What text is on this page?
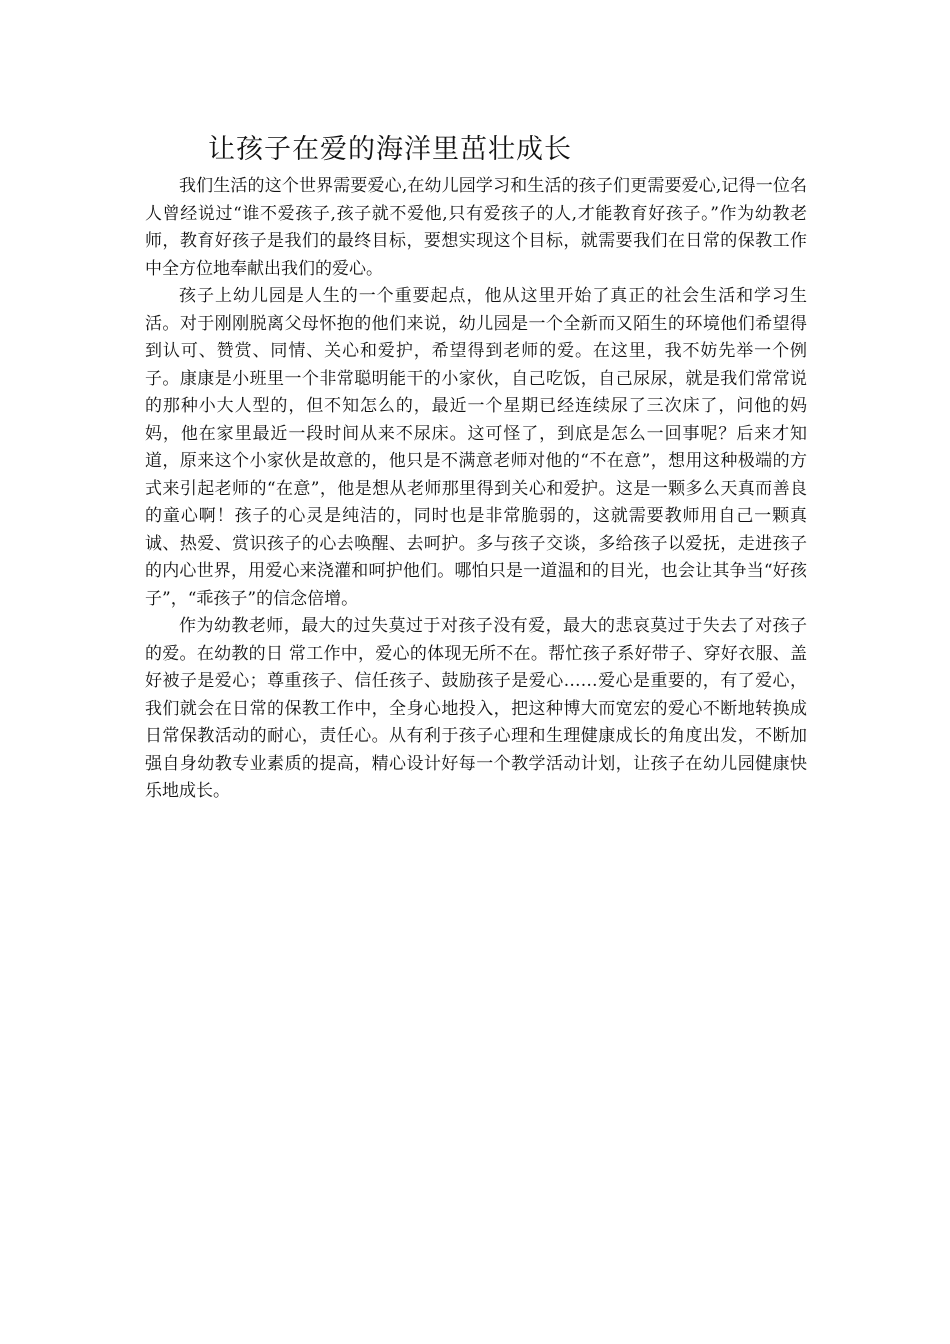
让孩子在爱的海洋里茁壮成长

我们生活的这个世界需要爱心,在幼儿园学习和生活的孩子们更需要爱心,记得一位名人曾经说过“谁不爱孩子,孩子就不爱他,只有爱孩子的人,才能教育好孩子。”作为幼教老师，教育好孩子是我们的最终目标，要想实现这个目标，就需要我们在日常的保教工作中全方位地奉献出我们的爱心。

孩子上幼儿园是人生的一个重要起点，他从这里开始了真正的社会生活和学习生活。对于刚刚脱离父母怀抱的他们来说，幼儿园是一个全新而又陌生的环境他们希望得到认可、赞赏、同情、关心和爱护，希望得到老师的爱。在这里，我不妨先举一个例子。康康是小班里一个非常聪明能干的小家伙，自己吃饭，自己尿尿，就是我们常常说的那种小大人型的，但不知怎么的，最近一个星期已经连续尿了三次床了，问他的妈妈，他在家里最近一段时间从来不尿床。这可怪了，到底是怎么一回事呢？后来才知道，原来这个小家伙是故意的，他只是不满意老师对他的“不在意”，想用这种极端的方式来引起老师的“在意”，他是想从老师那里得到关心和爱护。这是一颗多么天真而善良的童心啊！孩子的心灵是纯洁的，同时也是非常脆弱的，这就需要教师用自己一颗真诚、热爱、赏识孩子的心去唤醒、去呵护。多与孩子交谈，多给孩子以爱抚，走进孩子的内心世界，用爱心来浇灌和呵护他们。哪怕只是一道温和的目光，也会让其争当“好孩子”，“乖孩子”的信念倍增。

作为幼教老师，最大的过失莫过于对孩子没有爱，最大的悲哀莫过于失去了对孩子的爱。在幼教的日 常工作中，爱心的体现无所不在。帮忙孩子系好带子、穿好衣服、盖好被子是爱心；尊重孩子、信任孩子、鼓励孩子是爱心……爱心是重要的，有了爱心，我们就会在日常的保教工作中，全身心地投入，把这种博大而宽宏的爱心不断地转换成日常保教活动的耐心，责任心。从有利于孩子心理和生理健康成长的角度出发，不断加强自身幼教专业素质的提高，精心设计好每一个教学活动计划，让孩子在幼儿园健康快乐地成长。
